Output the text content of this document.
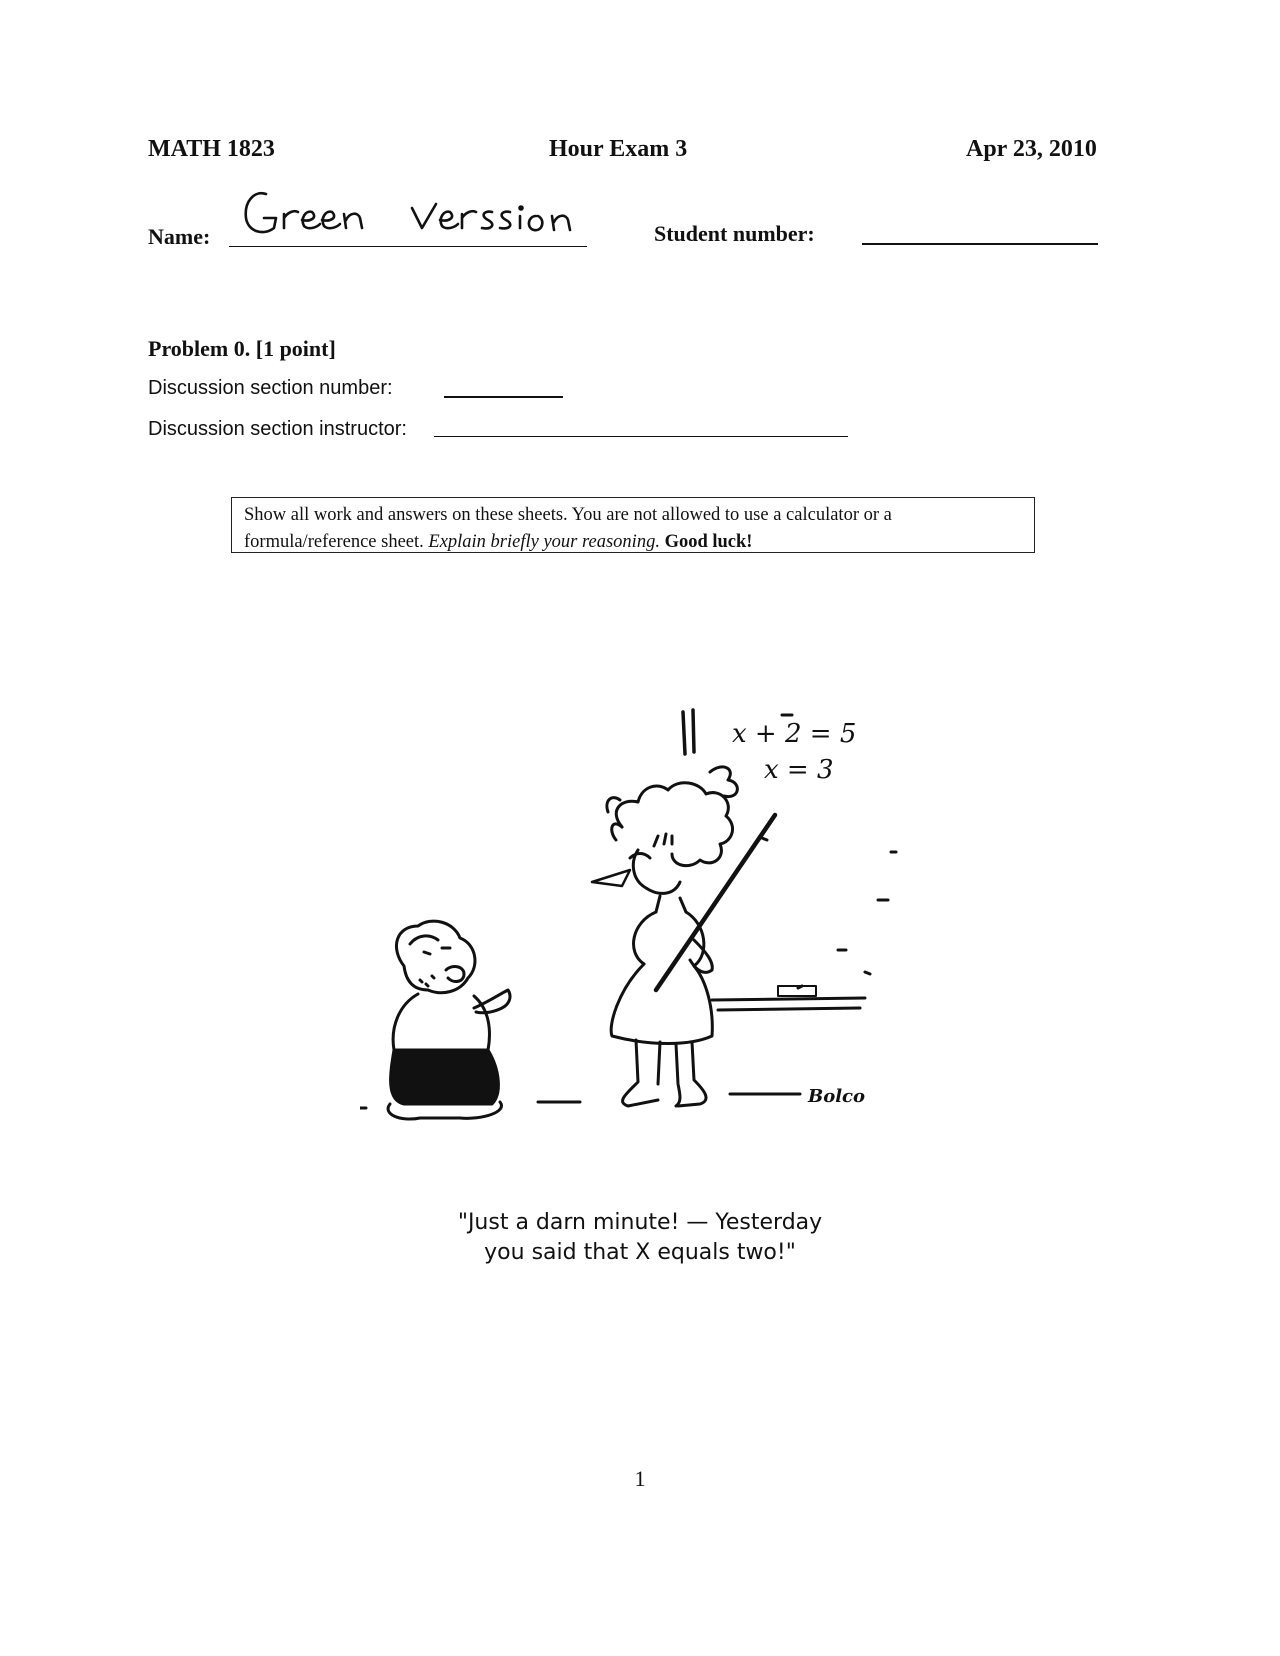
MATH 1823	Hour Exam 3	Apr 23, 2010
Name:	Student number:
Problem 0. [1 point]
Discussion section number:
Discussion section instructor:
Show all work and answers on these sheets. You are not allowed to use a calculator or a formula/reference sheet. Explain briefly your reasoning. Good luck!
x + 2 = 5
x = 3
Bolco
"Just a darn minute! — Yesterday
you said that X equals two!"
1
